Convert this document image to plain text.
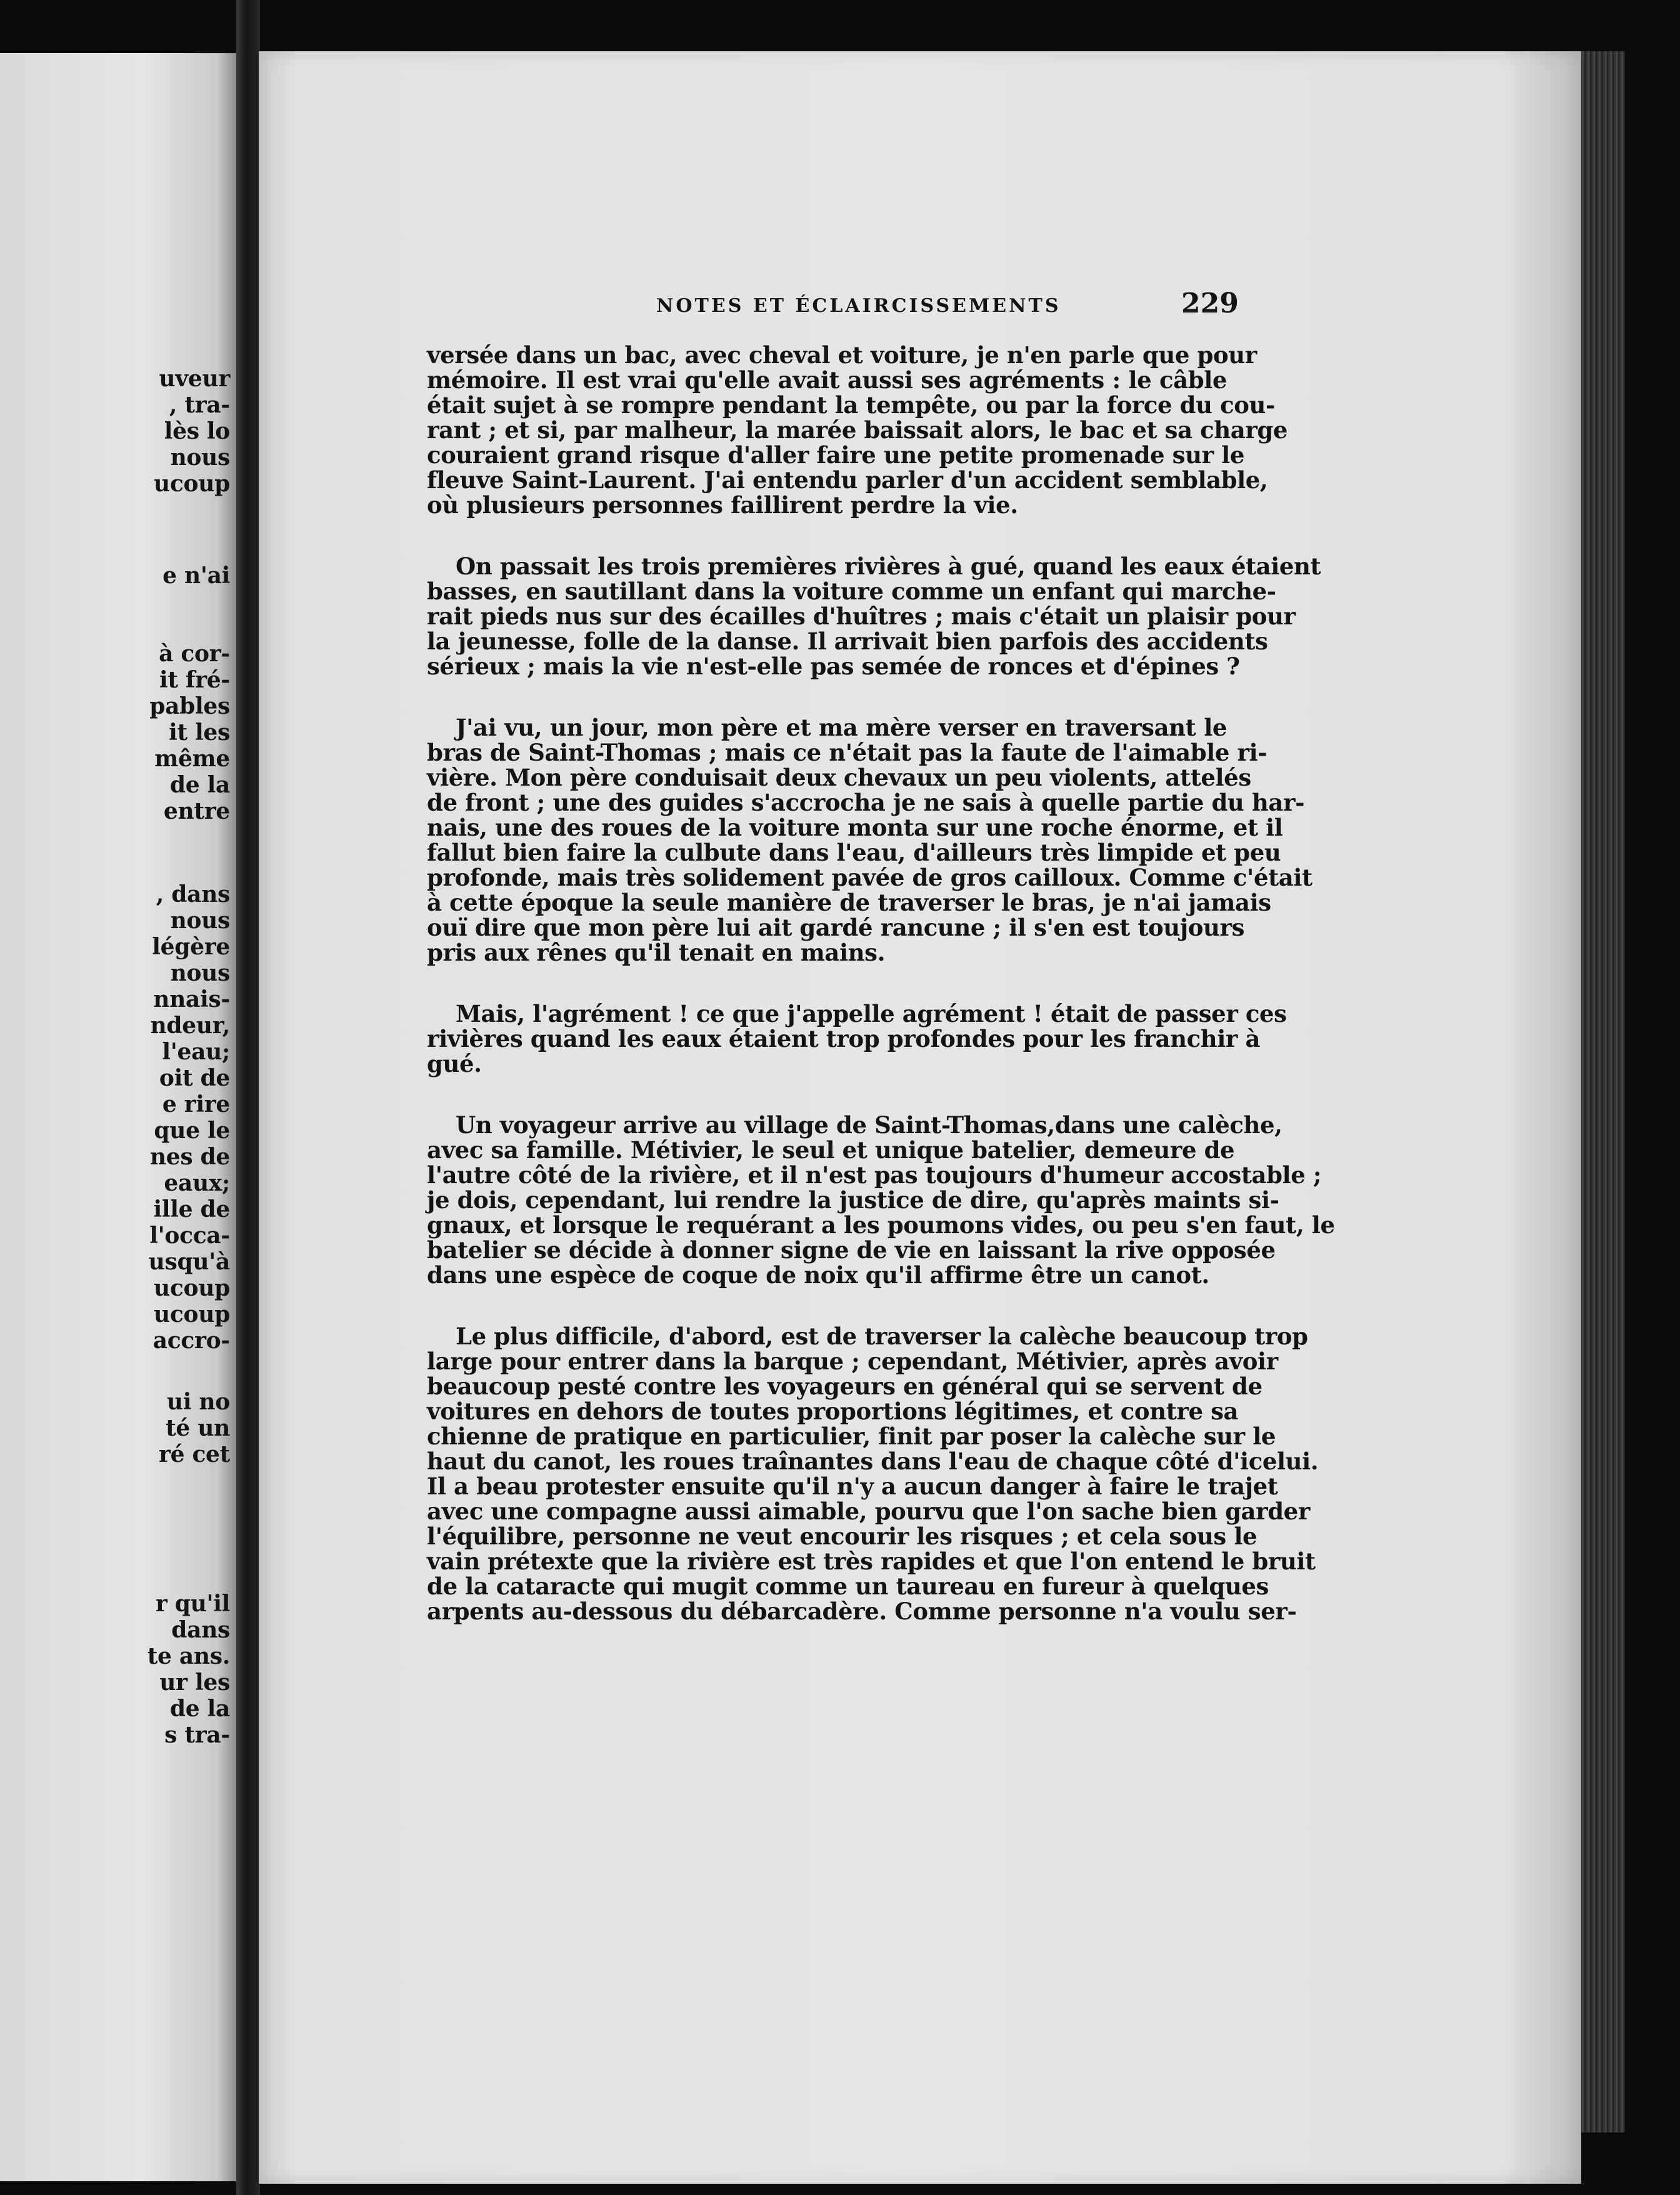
uveur
, tra-
lès lo
nous
ucoup
e n'ai
à cor-
it fré-
pables
it les
même
de la
entre
, dans
nous
légère
nous
nnais-
ndeur,
l'eau;
oit de
e rire
que le
nes de
eaux;
ille de
l'occa-
usqu'à
ucoup
ucoup
accro-
ui no
té un
ré cet
r qu'il
dans
te ans.
ur les
de la
s tra-
NOTES ET ÉCLAIRCISSEMENTS	229
versée dans un bac, avec cheval et voiture, je n'en parle que pour
mémoire. Il est vrai qu'elle avait aussi ses agréments : le câble
était sujet à se rompre pendant la tempête, ou par la force du cou-
rant ; et si, par malheur, la marée baissait alors, le bac et sa charge
couraient grand risque d'aller faire une petite promenade sur le
fleuve Saint-Laurent. J'ai entendu parler d'un accident semblable,
où plusieurs personnes faillirent perdre la vie.
On passait les trois premières rivières à gué, quand les eaux étaient
basses, en sautillant dans la voiture comme un enfant qui marche-
rait pieds nus sur des écailles d'huîtres ; mais c'était un plaisir pour
la jeunesse, folle de la danse. Il arrivait bien parfois des accidents
sérieux ; mais la vie n'est-elle pas semée de ronces et d'épines ?
J'ai vu, un jour, mon père et ma mère verser en traversant le
bras de Saint-Thomas ; mais ce n'était pas la faute de l'aimable ri-
vière. Mon père conduisait deux chevaux un peu violents, attelés
de front ; une des guides s'accrocha je ne sais à quelle partie du har-
nais, une des roues de la voiture monta sur une roche énorme, et il
fallut bien faire la culbute dans l'eau, d'ailleurs très limpide et peu
profonde, mais très solidement pavée de gros cailloux. Comme c'était
à cette époque la seule manière de traverser le bras, je n'ai jamais
ouï dire que mon père lui ait gardé rancune ; il s'en est toujours
pris aux rênes qu'il tenait en mains.
Mais, l'agrément ! ce que j'appelle agrément ! était de passer ces
rivières quand les eaux étaient trop profondes pour les franchir à
gué.
Un voyageur arrive au village de Saint-Thomas,dans une calèche,
avec sa famille. Métivier, le seul et unique batelier, demeure de
l'autre côté de la rivière, et il n'est pas toujours d'humeur accostable ;
je dois, cependant, lui rendre la justice de dire, qu'après maints si-
gnaux, et lorsque le requérant a les poumons vides, ou peu s'en faut, le
batelier se décide à donner signe de vie en laissant la rive opposée
dans une espèce de coque de noix qu'il affirme être un canot.
Le plus difficile, d'abord, est de traverser la calèche beaucoup trop
large pour entrer dans la barque ; cependant, Métivier, après avoir
beaucoup pesté contre les voyageurs en général qui se servent de
voitures en dehors de toutes proportions légitimes, et contre sa
chienne de pratique en particulier, finit par poser la calèche sur le
haut du canot, les roues traînantes dans l'eau de chaque côté d'icelui.
Il a beau protester ensuite qu'il n'y a aucun danger à faire le trajet
avec une compagne aussi aimable, pourvu que l'on sache bien garder
l'équilibre, personne ne veut encourir les risques ; et cela sous le
vain prétexte que la rivière est très rapides et que l'on entend le bruit
de la cataracte qui mugit comme un taureau en fureur à quelques
arpents au-dessous du débarcadère. Comme personne n'a voulu ser-
